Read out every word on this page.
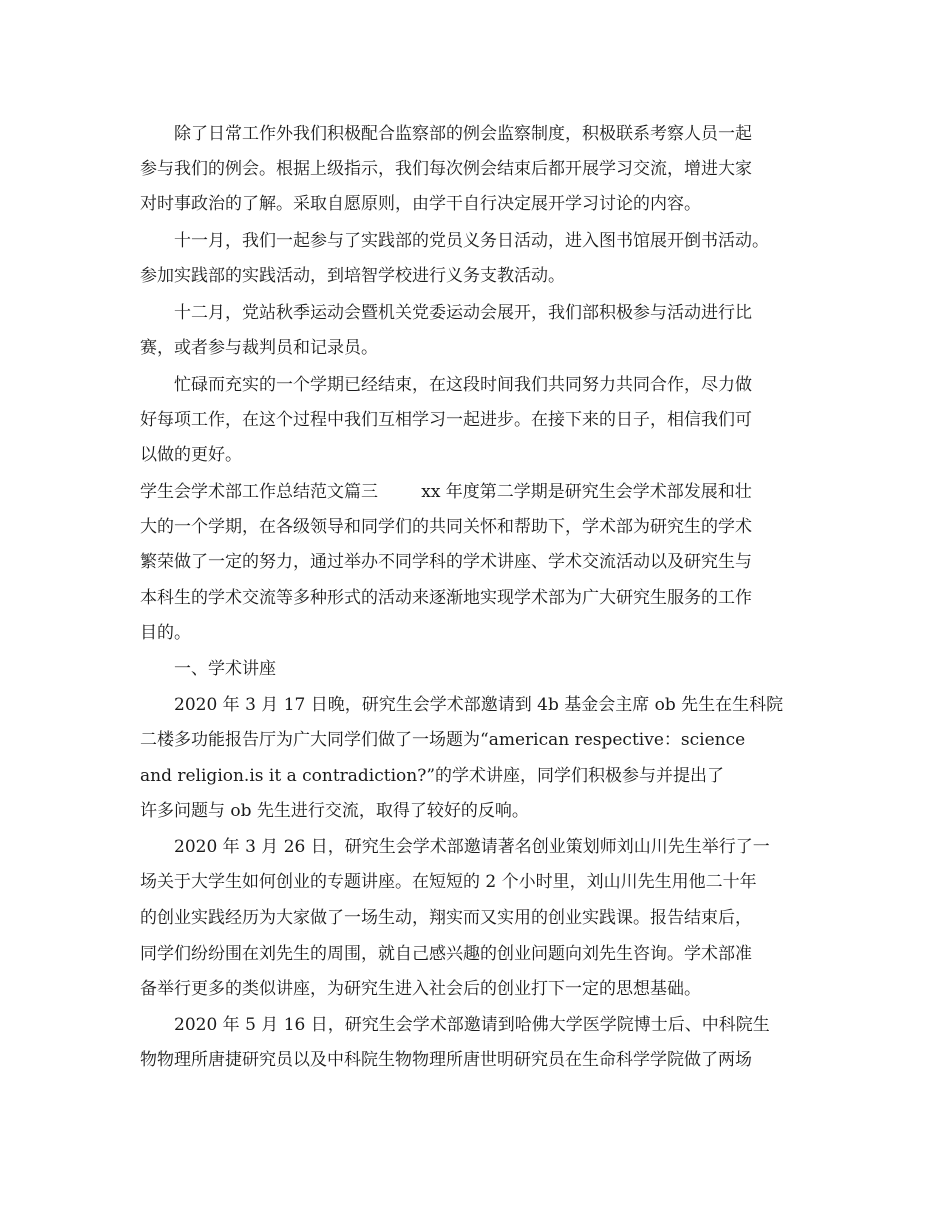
除了日常工作外我们积极配合监察部的例会监察制度，积极联系考察人员一起
参与我们的例会。根据上级指示，我们每次例会结束后都开展学习交流，增进大家
对时事政治的了解。采取自愿原则，由学干自行决定展开学习讨论的内容。
十一月，我们一起参与了实践部的党员义务日活动，进入图书馆展开倒书活动。
参加实践部的实践活动，到培智学校进行义务支教活动。
十二月，党站秋季运动会暨机关党委运动会展开，我们部积极参与活动进行比
赛，或者参与裁判员和记录员。
忙碌而充实的一个学期已经结束，在这段时间我们共同努力共同合作，尽力做
好每项工作，在这个过程中我们互相学习一起进步。在接下来的日子，相信我们可
以做的更好。
学生会学术部工作总结范文篇三        xx 年度第二学期是研究生会学术部发展和壮
大的一个学期，在各级领导和同学们的共同关怀和帮助下，学术部为研究生的学术
繁荣做了一定的努力，通过举办不同学科的学术讲座、学术交流活动以及研究生与
本科生的学术交流等多种形式的活动来逐渐地实现学术部为广大研究生服务的工作
目的。
一、学术讲座
2020 年 3 月 17 日晚，研究生会学术部邀请到 4b 基金会主席 ob 先生在生科院
二楼多功能报告厅为广大同学们做了一场题为“american respective：science
and religion.is it a contradiction?”的学术讲座，同学们积极参与并提出了
许多问题与 ob 先生进行交流，取得了较好的反响。
2020 年 3 月 26 日，研究生会学术部邀请著名创业策划师刘山川先生举行了一
场关于大学生如何创业的专题讲座。在短短的 2 个小时里，刘山川先生用他二十年
的创业实践经历为大家做了一场生动，翔实而又实用的创业实践课。报告结束后，
同学们纷纷围在刘先生的周围，就自己感兴趣的创业问题向刘先生咨询。学术部准
备举行更多的类似讲座，为研究生进入社会后的创业打下一定的思想基础。
2020 年 5 月 16 日，研究生会学术部邀请到哈佛大学医学院博士后、中科院生
物物理所唐捷研究员以及中科院生物物理所唐世明研究员在生命科学学院做了两场
